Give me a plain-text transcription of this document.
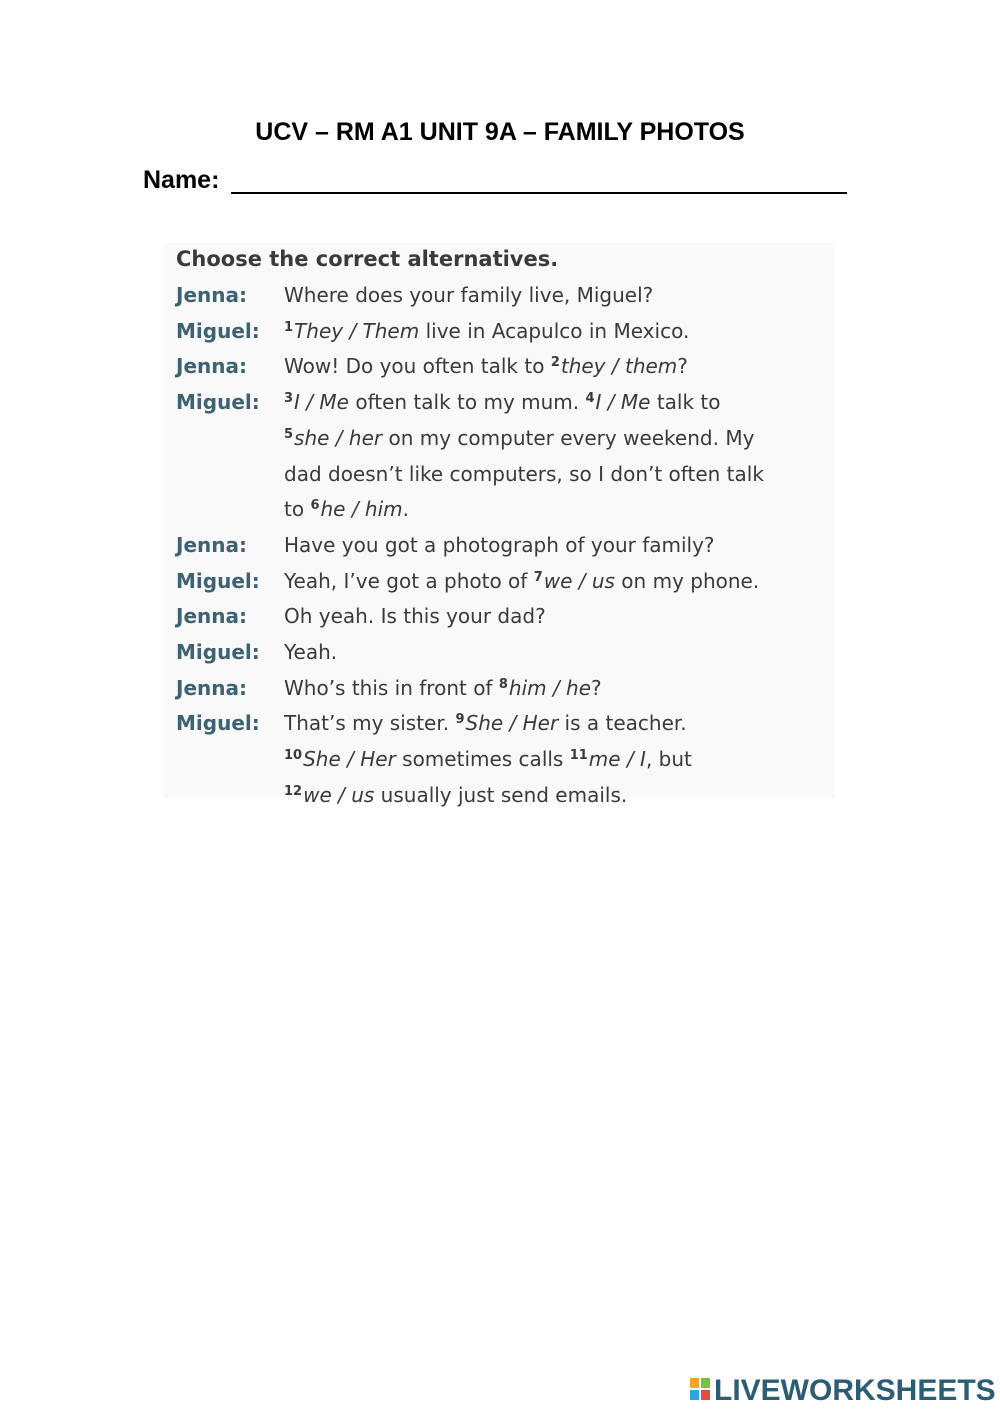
UCV – RM A1 UNIT 9A – FAMILY PHOTOS
Name:
Choose the correct alternatives.
Jenna: Where does your family live, Miguel?
Miguel: $^1$They / Them live in Acapulco in Mexico.
Jenna: Wow! Do you often talk to $^2$they / them?
Miguel: $^3$I / Me often talk to my mum. $^4$I / Me talk to
$^5$she / her on my computer every weekend. My
dad doesn’t like computers, so I don’t often talk
to $^6$he / him.
Jenna: Have you got a photograph of your family?
Miguel: Yeah, I’ve got a photo of $^7$we / us on my phone.
Jenna: Oh yeah. Is this your dad?
Miguel: Yeah.
Jenna: Who’s this in front of $^8$him / he?
Miguel: That’s my sister. $^9$She / Her is a teacher.
$^{10}$She / Her sometimes calls $^{11}$me / I, but
$^{12}$we / us usually just send emails.
LIVEWORKSHEETS
